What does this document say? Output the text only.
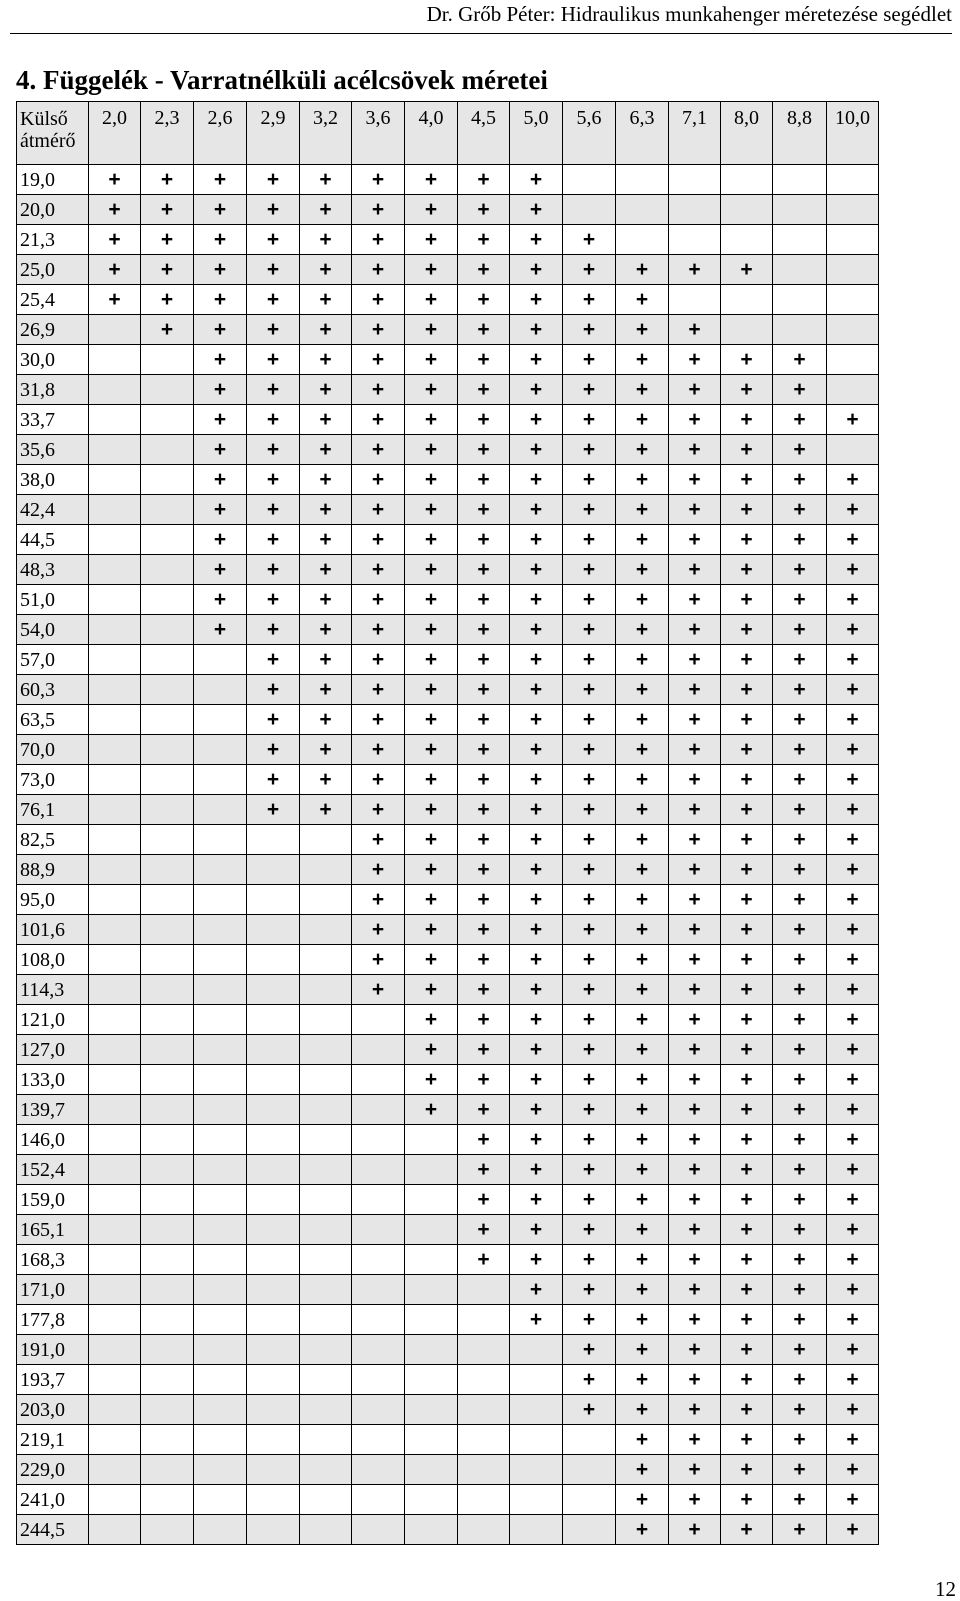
Dr. Grőb Péter: Hidraulikus munkahenger méretezése segédlet
4. Függelék - Varratnélküli acélcsövek méretei
Külső
átmérő	2,0	2,3	2,6	2,9	3,2	3,6	4,0	4,5	5,0	5,6	6,3	7,1	8,0	8,8	10,0
19,0	+	+	+	+	+	+	+	+	+						
20,0	+	+	+	+	+	+	+	+	+						
21,3	+	+	+	+	+	+	+	+	+	+					
25,0	+	+	+	+	+	+	+	+	+	+	+	+	+		
25,4	+	+	+	+	+	+	+	+	+	+	+				
26,9		+	+	+	+	+	+	+	+	+	+	+			
30,0			+	+	+	+	+	+	+	+	+	+	+	+	
31,8			+	+	+	+	+	+	+	+	+	+	+	+	
33,7			+	+	+	+	+	+	+	+	+	+	+	+	+
35,6			+	+	+	+	+	+	+	+	+	+	+	+	
38,0			+	+	+	+	+	+	+	+	+	+	+	+	+
42,4			+	+	+	+	+	+	+	+	+	+	+	+	+
44,5			+	+	+	+	+	+	+	+	+	+	+	+	+
48,3			+	+	+	+	+	+	+	+	+	+	+	+	+
51,0			+	+	+	+	+	+	+	+	+	+	+	+	+
54,0			+	+	+	+	+	+	+	+	+	+	+	+	+
57,0				+	+	+	+	+	+	+	+	+	+	+	+
60,3				+	+	+	+	+	+	+	+	+	+	+	+
63,5				+	+	+	+	+	+	+	+	+	+	+	+
70,0				+	+	+	+	+	+	+	+	+	+	+	+
73,0				+	+	+	+	+	+	+	+	+	+	+	+
76,1				+	+	+	+	+	+	+	+	+	+	+	+
82,5						+	+	+	+	+	+	+	+	+	+
88,9						+	+	+	+	+	+	+	+	+	+
95,0						+	+	+	+	+	+	+	+	+	+
101,6						+	+	+	+	+	+	+	+	+	+
108,0						+	+	+	+	+	+	+	+	+	+
114,3						+	+	+	+	+	+	+	+	+	+
121,0							+	+	+	+	+	+	+	+	+
127,0							+	+	+	+	+	+	+	+	+
133,0							+	+	+	+	+	+	+	+	+
139,7							+	+	+	+	+	+	+	+	+
146,0								+	+	+	+	+	+	+	+
152,4								+	+	+	+	+	+	+	+
159,0								+	+	+	+	+	+	+	+
165,1								+	+	+	+	+	+	+	+
168,3								+	+	+	+	+	+	+	+
171,0									+	+	+	+	+	+	+
177,8									+	+	+	+	+	+	+
191,0										+	+	+	+	+	+
193,7										+	+	+	+	+	+
203,0										+	+	+	+	+	+
219,1											+	+	+	+	+
229,0											+	+	+	+	+
241,0											+	+	+	+	+
244,5											+	+	+	+	+
12
